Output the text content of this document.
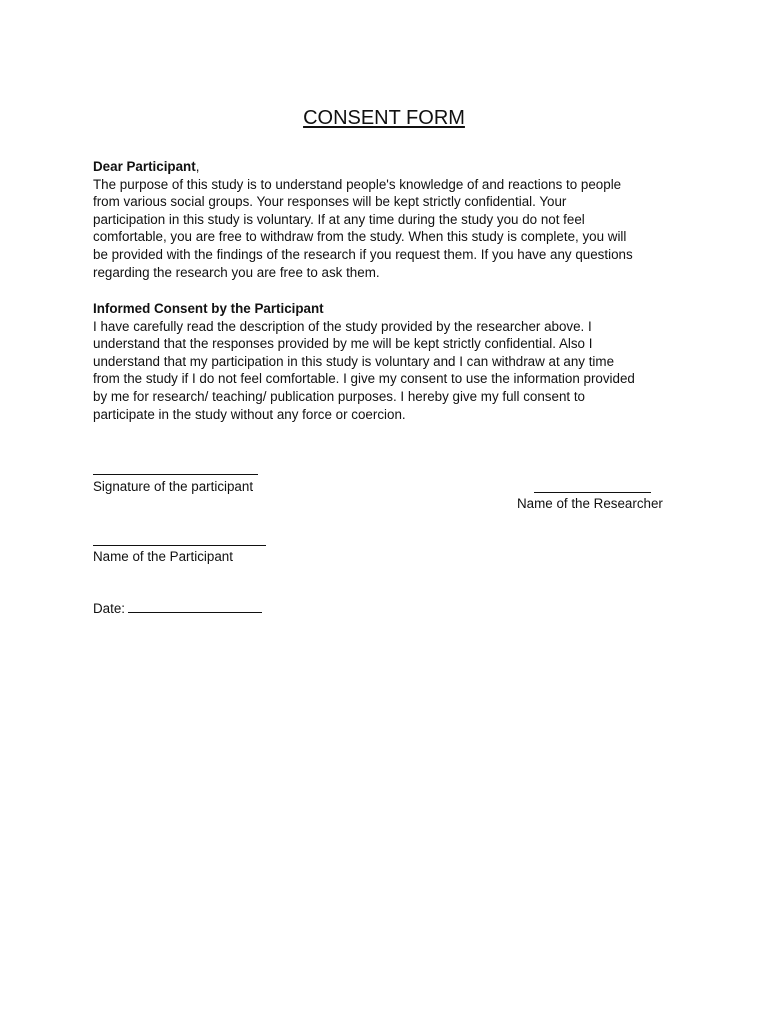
CONSENT FORM
Dear Participant,

The purpose of this study is to understand people's knowledge of and reactions to people
from various social groups. Your responses will be kept strictly confidential. Your
participation in this study is voluntary. If at any time during the study you do not feel
comfortable, you are free to withdraw from the study. When this study is complete, you will
be provided with the findings of the research if you request them. If you have any questions
regarding the research you are free to ask them.

Informed Consent by the Participant

I have carefully read the description of the study provided by the researcher above. I
understand that the responses provided by me will be kept strictly confidential. Also I
understand that my participation in this study is voluntary and I can withdraw at any time
from the study if I do not feel comfortable. I give my consent to use the information provided
by me for research/ teaching/ publication purposes. I hereby give my full consent to
participate in the study without any force or coercion.

Signature of the participant
Name of the Researcher
Name of the Participant
Date:
